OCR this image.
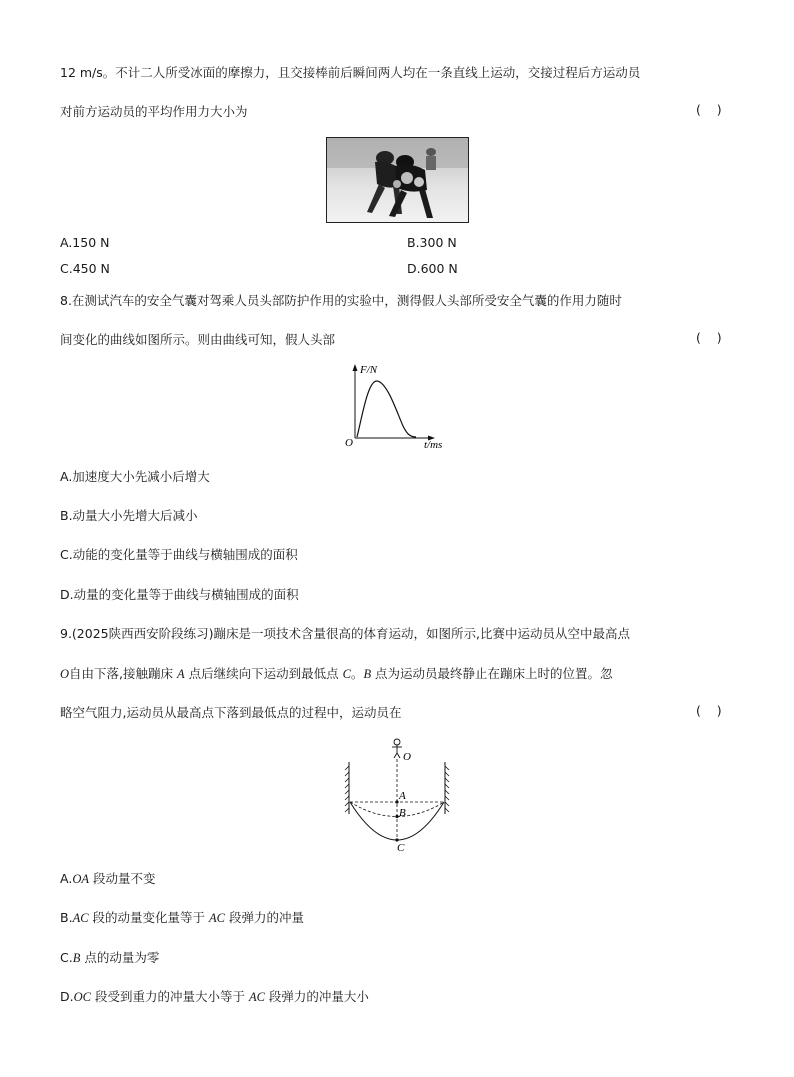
12 m/s。不计二人所受冰面的摩擦力，且交接棒前后瞬间两人均在一条直线上运动，交接过程后方运动员
对前方运动员的平均作用力大小为	(    )
A.150 N	B.300 N
C.450 N	D.600 N
8.在测试汽车的安全气囊对驾乘人员头部防护作用的实验中，测得假人头部所受安全气囊的作用力随时
间变化的曲线如图所示。则由曲线可知，假人头部	(    )
F/N
t/ms
O
A.加速度大小先减小后增大
B.动量大小先增大后减小
C.动能的变化量等于曲线与横轴围成的面积
D.动量的变化量等于曲线与横轴围成的面积
9.(2025陕西西安阶段练习)蹦床是一项技术含量很高的体育运动，如图所示,比赛中运动员从空中最高点
O自由下落,接触蹦床 A 点后继续向下运动到最低点 C。B 点为运动员最终静止在蹦床上时的位置。忽
略空气阻力,运动员从最高点下落到最低点的过程中，运动员在	(    )
O
A
B
C
A.OA 段动量不变
B.AC 段的动量变化量等于 AC 段弹力的冲量
C.B 点的动量为零
D.OC 段受到重力的冲量大小等于 AC 段弹力的冲量大小
